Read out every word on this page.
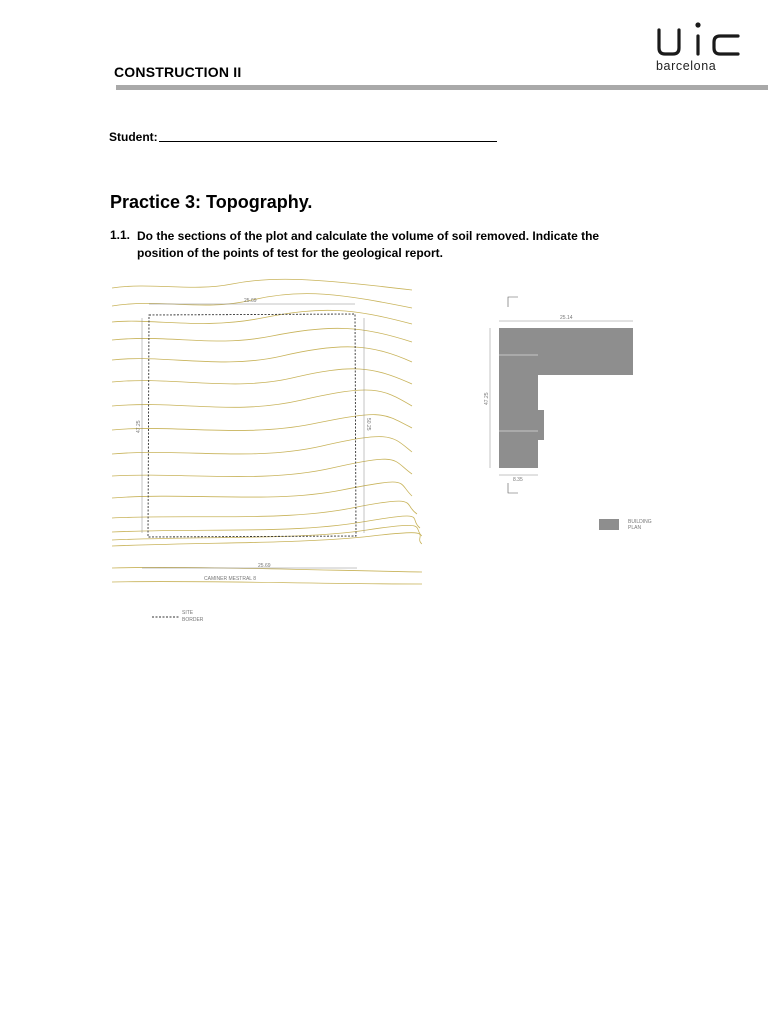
CONSTRUCTION II	barcelona
Student:
Practice 3: Topography.
1.1. Do the sections of the plot and calculate the volume of soil removed. Indicate the position of the points of test for the geological report.
25.69
25.69
47.25	50.25
CAMINER MESTRAL 8
SITE
BORDER
25.14
47.25
8.35
BUILDING
PLAN
